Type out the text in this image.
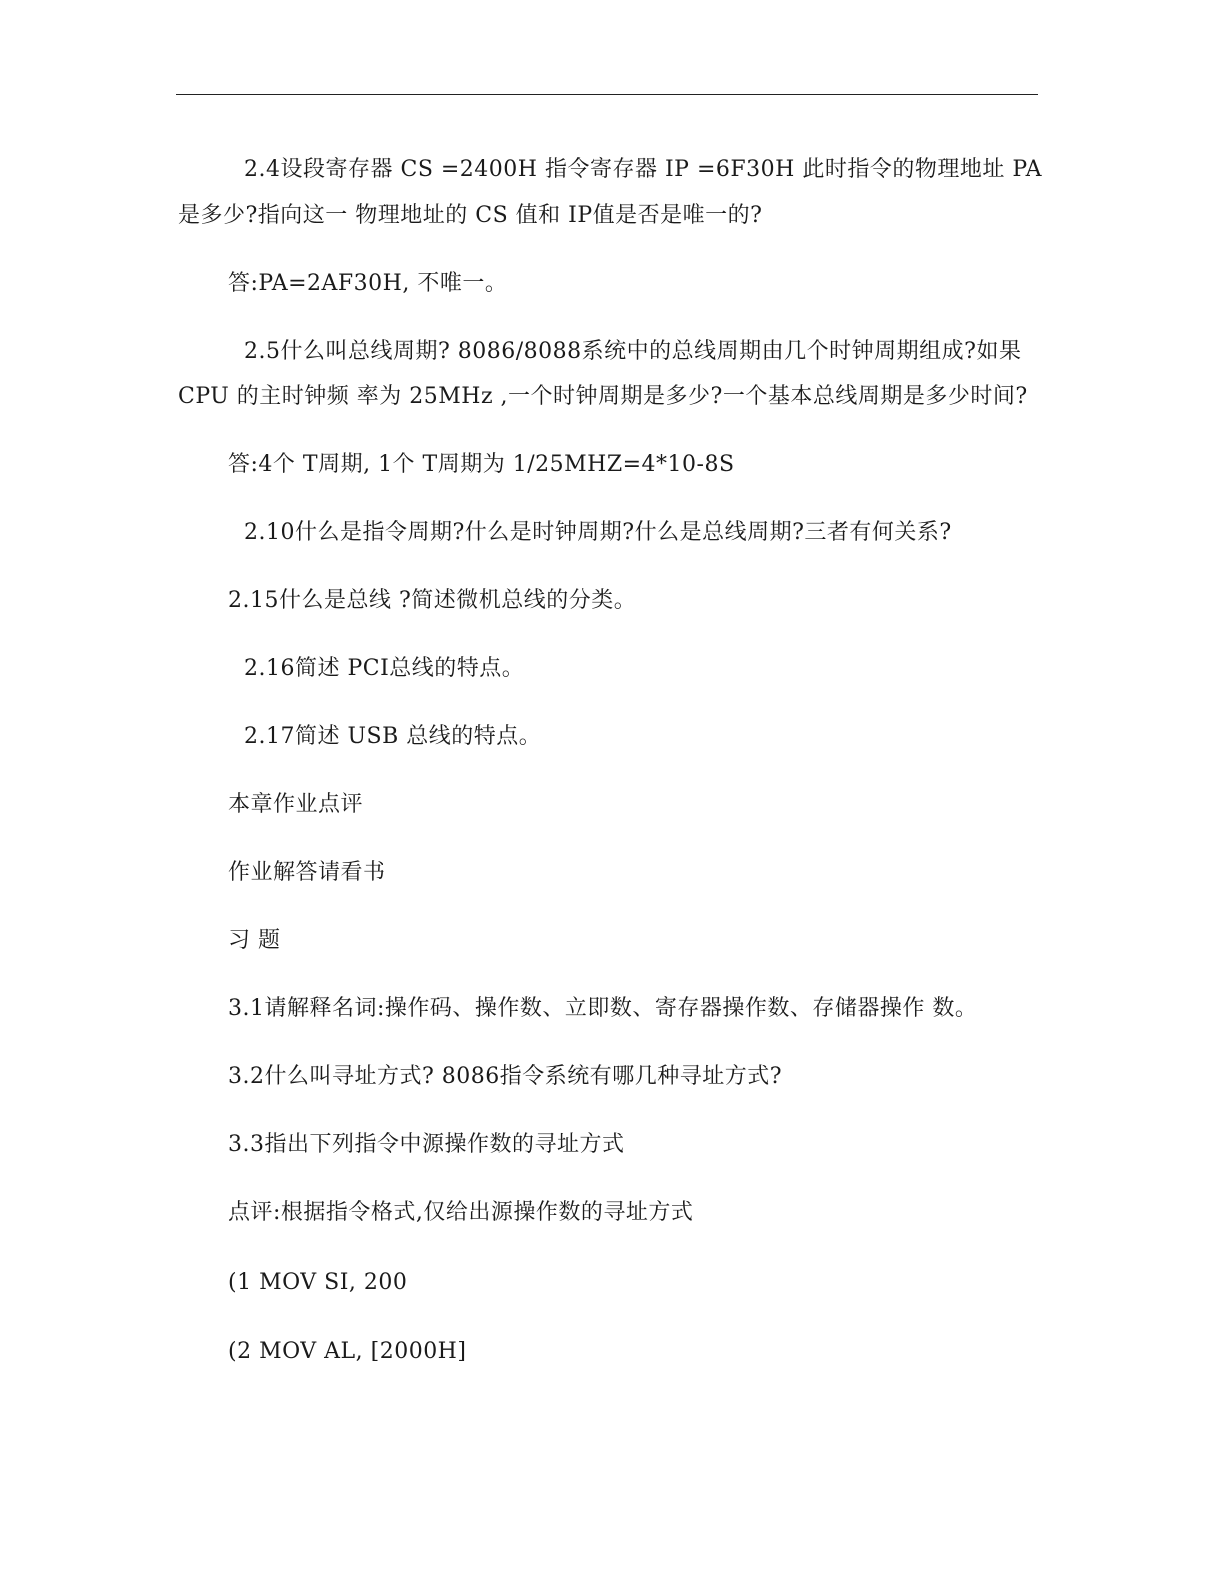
2.4设段寄存器 CS =2400H 指令寄存器 IP =6F30H 此时指令的物理地址 PA
是多少?指向这一 物理地址的 CS 值和 IP值是否是唯一的?
答:PA=2AF30H, 不唯一。
2.5什么叫总线周期? 8086/8088系统中的总线周期由几个时钟周期组成?如果
CPU 的主时钟频 率为 25MHz ,一个时钟周期是多少?一个基本总线周期是多少时间?
答:4个 T周期, 1个 T周期为 1/25MHZ=4*10-8S
2.10什么是指令周期?什么是时钟周期?什么是总线周期?三者有何关系?
2.15什么是总线 ?简述微机总线的分类。
2.16简述 PCI总线的特点。
2.17简述 USB 总线的特点。
本章作业点评
作业解答请看书
习 题
3.1请解释名词:操作码、操作数、立即数、寄存器操作数、存储器操作 数。
3.2什么叫寻址方式? 8086指令系统有哪几种寻址方式?
3.3指出下列指令中源操作数的寻址方式
点评:根据指令格式,仅给出源操作数的寻址方式
(1 MOV SI, 200
(2 MOV AL, [2000H]
